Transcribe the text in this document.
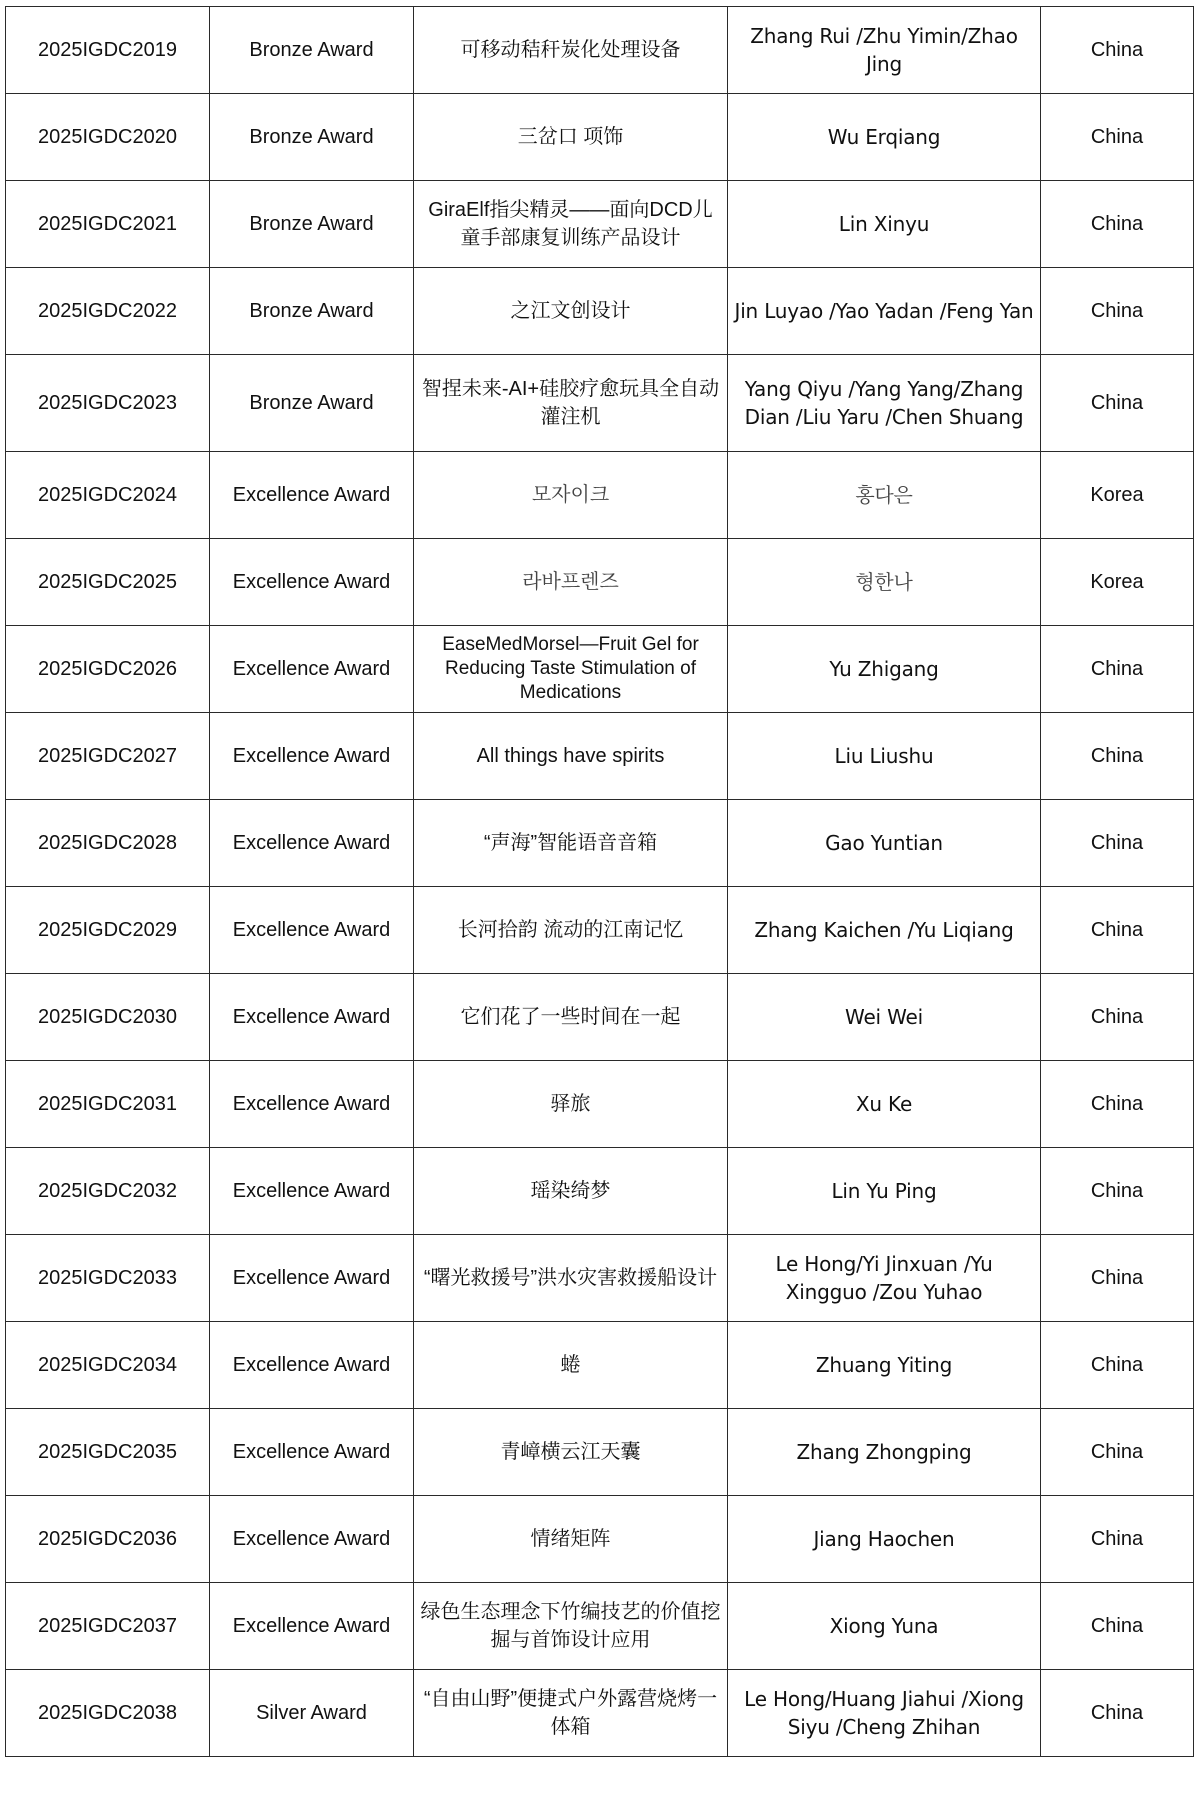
2025IGDC2019	Bronze Award	可移动秸秆炭化处理设备	Zhang Rui /Zhu Yimin/Zhao Jing	China
2025IGDC2020	Bronze Award	三岔口 项饰	Wu Erqiang	China
2025IGDC2021	Bronze Award	GiraElf指尖精灵——面向DCD儿童手部康复训练产品设计	Lin Xinyu	China
2025IGDC2022	Bronze Award	之江文创设计	Jin Luyao /Yao Yadan /Feng Yan	China
2025IGDC2023	Bronze Award	智捏未来-AI+硅胶疗愈玩具全自动灌注机	Yang Qiyu /Yang Yang/Zhang Dian /Liu Yaru /Chen Shuang	China
2025IGDC2024	Excellence Award	모자이크	홍다은	Korea
2025IGDC2025	Excellence Award	라바프렌즈	형한나	Korea
2025IGDC2026	Excellence Award	EaseMedMorsel—Fruit Gel for Reducing Taste Stimulation of Medications	Yu Zhigang	China
2025IGDC2027	Excellence Award	All things have spirits	Liu Liushu	China
2025IGDC2028	Excellence Award	“声海”智能语音音箱	Gao Yuntian	China
2025IGDC2029	Excellence Award	长河拾韵 流动的江南记忆	Zhang Kaichen /Yu Liqiang	China
2025IGDC2030	Excellence Award	它们花了一些时间在一起	Wei Wei	China
2025IGDC2031	Excellence Award	驿旅	Xu Ke	China
2025IGDC2032	Excellence Award	瑶染绮梦	Lin Yu Ping	China
2025IGDC2033	Excellence Award	“曙光救援号”洪水灾害救援船设计	Le Hong/Yi Jinxuan /Yu Xingguo /Zou Yuhao	China
2025IGDC2034	Excellence Award	蜷	Zhuang Yiting	China
2025IGDC2035	Excellence Award	青嶂横云江天囊	Zhang Zhongping	China
2025IGDC2036	Excellence Award	情绪矩阵	Jiang Haochen	China
2025IGDC2037	Excellence Award	绿色生态理念下竹编技艺的价值挖掘与首饰设计应用	Xiong Yuna	China
2025IGDC2038	Silver Award	“自由山野”便捷式户外露营烧烤一体箱	Le Hong/Huang Jiahui /Xiong Siyu /Cheng Zhihan	China
